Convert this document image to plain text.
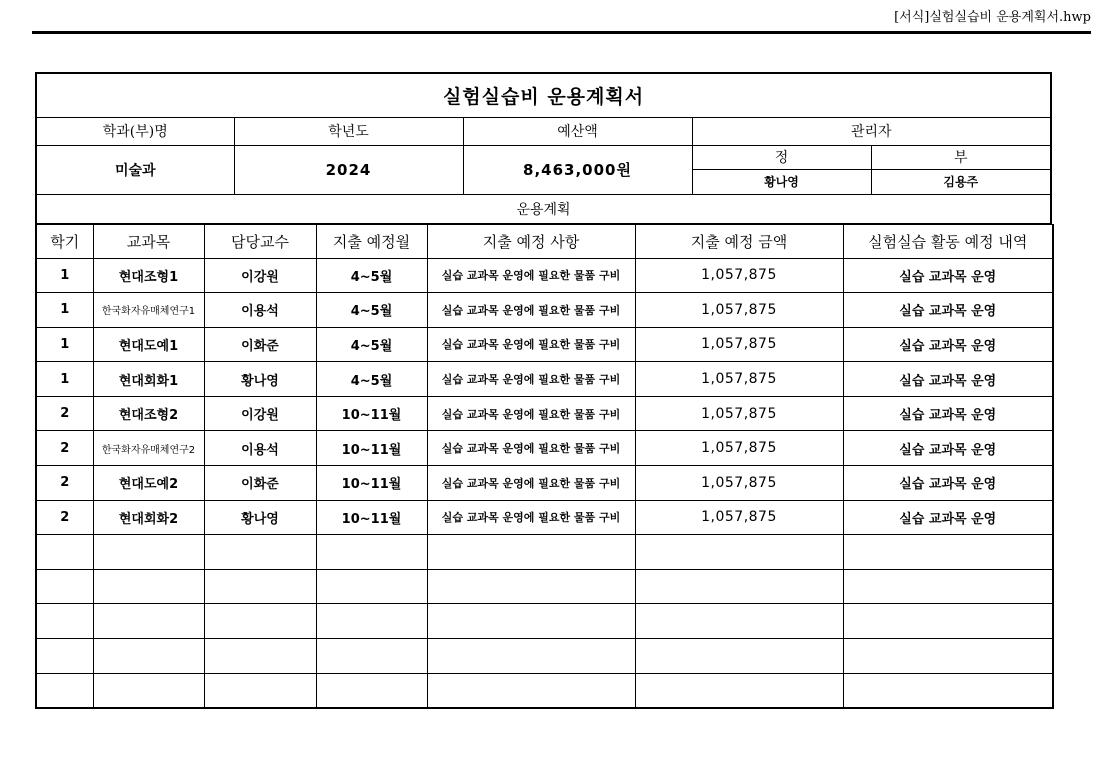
[서식]실험실습비 운용계획서.hwp
실험실습비 운용계획서				
학과(부)명	학년도	예산액	관리자	
미술과	2024	8,463,000원	정	부
			황나영	김용주
운용계획				
학기	교과목	담당교수	지출 예정월	지출 예정 사항	지출 예정 금액	실험실습 활동 예정 내역
1	현대조형1	이강원	4~5월	실습 교과목 운영에 필요한 물품 구비	1,057,875	실습 교과목 운영
1	한국화자유매체연구1	이용석	4~5월	실습 교과목 운영에 필요한 물품 구비	1,057,875	실습 교과목 운영
1	현대도예1	이화준	4~5월	실습 교과목 운영에 필요한 물품 구비	1,057,875	실습 교과목 운영
1	현대회화1	황나영	4~5월	실습 교과목 운영에 필요한 물품 구비	1,057,875	실습 교과목 운영
2	현대조형2	이강원	10~11월	실습 교과목 운영에 필요한 물품 구비	1,057,875	실습 교과목 운영
2	한국화자유매체연구2	이용석	10~11월	실습 교과목 운영에 필요한 물품 구비	1,057,875	실습 교과목 운영
2	현대도예2	이화준	10~11월	실습 교과목 운영에 필요한 물품 구비	1,057,875	실습 교과목 운영
2	현대회화2	황나영	10~11월	실습 교과목 운영에 필요한 물품 구비	1,057,875	실습 교과목 운영
